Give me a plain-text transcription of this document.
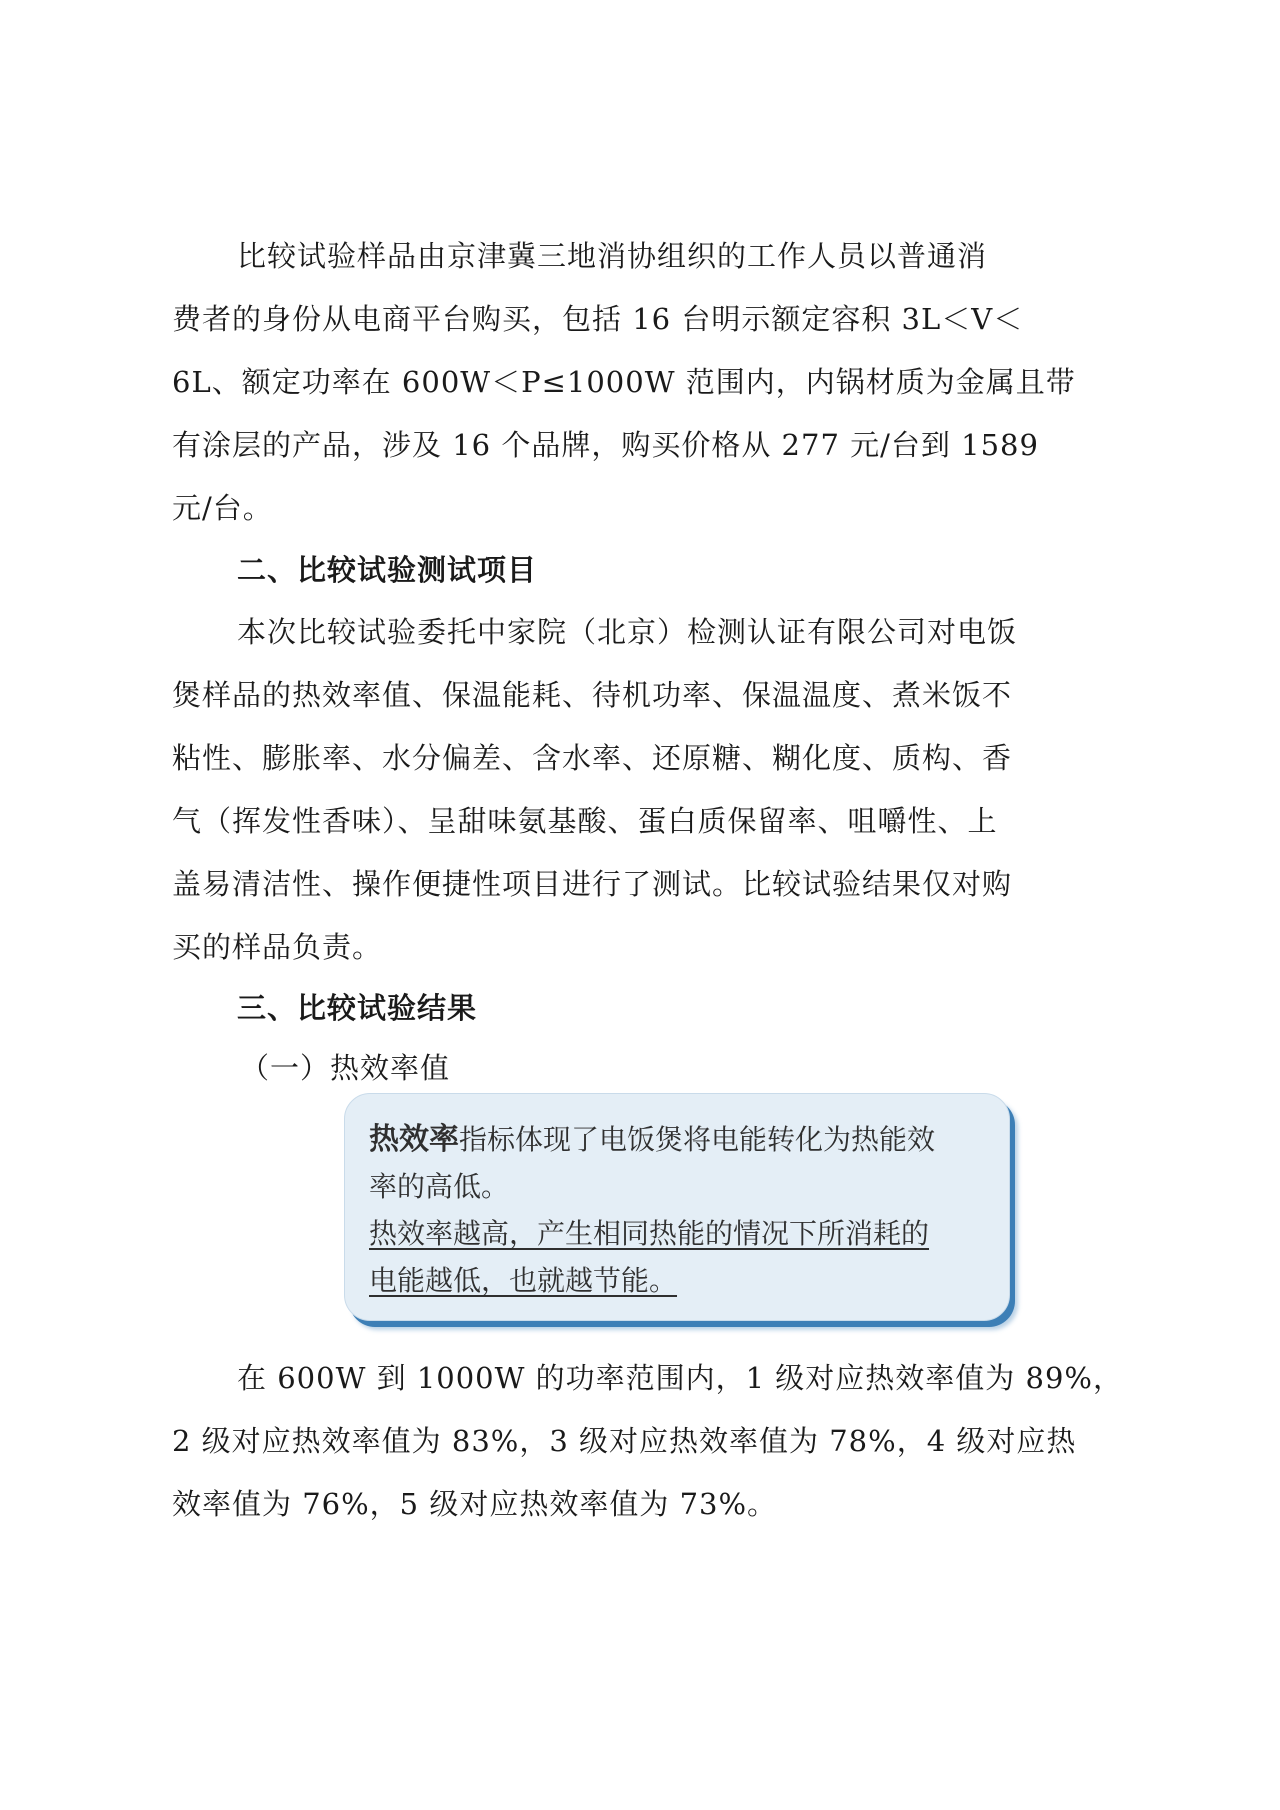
比较试验样品由京津冀三地消协组织的工作人员以普通消
费者的身份从电商平台购买，包括 16 台明示额定容积 3L＜V＜
6L、额定功率在 600W＜P≤1000W 范围内，内锅材质为金属且带
有涂层的产品，涉及 16 个品牌，购买价格从 277 元/台到 1589
元/台。
二、比较试验测试项目
本次比较试验委托中家院（北京）检测认证有限公司对电饭
煲样品的热效率值、保温能耗、待机功率、保温温度、煮米饭不
粘性、膨胀率、水分偏差、含水率、还原糖、糊化度、质构、香
气（挥发性香味）、呈甜味氨基酸、蛋白质保留率、咀嚼性、上
盖易清洁性、操作便捷性项目进行了测试。比较试验结果仅对购
买的样品负责。
三、比较试验结果
（一）热效率值
热效率指标体现了电饭煲将电能转化为热能效
率的高低。
热效率越高，产生相同热能的情况下所消耗的
电能越低，也就越节能。
在 600W 到 1000W 的功率范围内，1 级对应热效率值为 89%，
2 级对应热效率值为 83%，3 级对应热效率值为 78%，4 级对应热
效率值为 76%，5 级对应热效率值为 73%。
